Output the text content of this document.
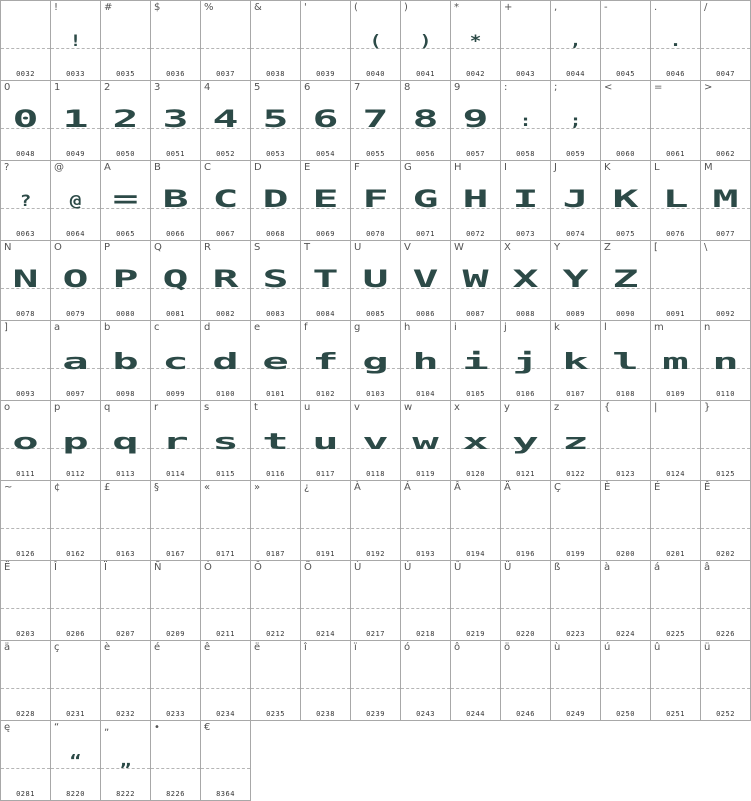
0032
!
!
0033
#
0035
$
0036
%
0037
&
0038
'
0039
(
(
0040
)
)
0041
*
*
0042
+
0043
,
,
0044
-
0045
.
.
0046
/
0047
0
0
0048
1
1
0049
2
2
0050
3
3
0051
4
4
0052
5
5
0053
6
6
0054
7
7
0055
8
8
0056
9
9
0057
:
:
0058
;
;
0059
<
0060
=
0061
>
0062
?
?
0063
@
@
0064
A
=
0065
B
B
0066
C
C
0067
D
D
0068
E
E
0069
F
F
0070
G
G
0071
H
H
0072
I
I
0073
J
J
0074
K
K
0075
L
L
0076
M
M
0077
N
N
0078
O
O
0079
P
P
0080
Q
Q
0081
R
R
0082
S
S
0083
T
T
0084
U
U
0085
V
V
0086
W
W
0087
X
X
0088
Y
Y
0089
Z
Z
0090
[
0091
\
0092
]
0093
a
a
0097
b
b
0098
c
c
0099
d
d
0100
e
e
0101
f
f
0102
g
g
0103
h
h
0104
i
i
0105
j
j
0106
k
k
0107
l
l
0108
m
m
0109
n
n
0110
o
o
0111
p
p
0112
q
q
0113
r
r
0114
s
s
0115
t
t
0116
u
u
0117
v
v
0118
w
w
0119
x
x
0120
y
y
0121
z
z
0122
{
0123
|
0124
}
0125
~
0126
¢
0162
£
0163
§
0167
«
0171
»
0187
¿
0191
À
0192
Á
0193
Â
0194
Ä
0196
Ç
0199
È
0200
É
0201
Ê
0202
Ë
0203
Î
0206
Ï
0207
Ñ
0209
Ó
0211
Ô
0212
Ö
0214
Ù
0217
Ú
0218
Û
0219
Ü
0220
ß
0223
à
0224
á
0225
â
0226
ä
0228
ç
0231
è
0232
é
0233
ê
0234
ë
0235
î
0238
ï
0239
ó
0243
ô
0244
ö
0246
ù
0249
ú
0250
û
0251
ü
0252
ę
0281
“
“
8220
„
„
8222
•
8226
€
8364
